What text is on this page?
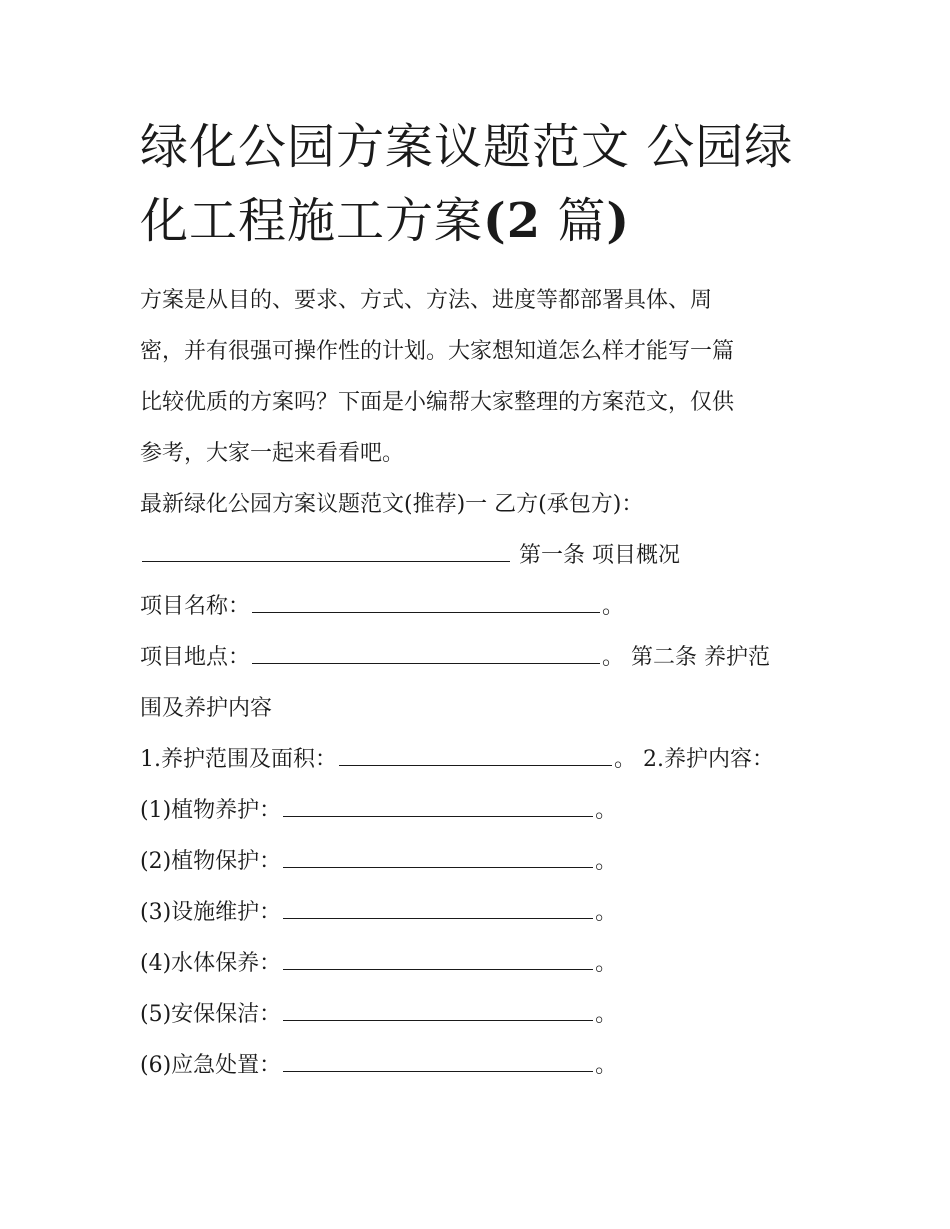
绿化公园方案议题范文 公园绿
化工程施工方案(2 篇)
方案是从目的、要求、方式、方法、进度等都部署具体、周
密，并有很强可操作性的计划。大家想知道怎么样才能写一篇
比较优质的方案吗？下面是小编帮大家整理的方案范文，仅供
参考，大家一起来看看吧。
最新绿化公园方案议题范文(推荐)一 乙方(承包方)：
第一条 项目概况
项目名称：	。
项目地点：	。 第二条 养护范
围及养护内容
1.养护范围及面积：	。 2.养护内容：
(1)植物养护：	。
(2)植物保护：	。
(3)设施维护：	。
(4)水体保养：	。
(5)安保保洁：	。
(6)应急处置：	。
